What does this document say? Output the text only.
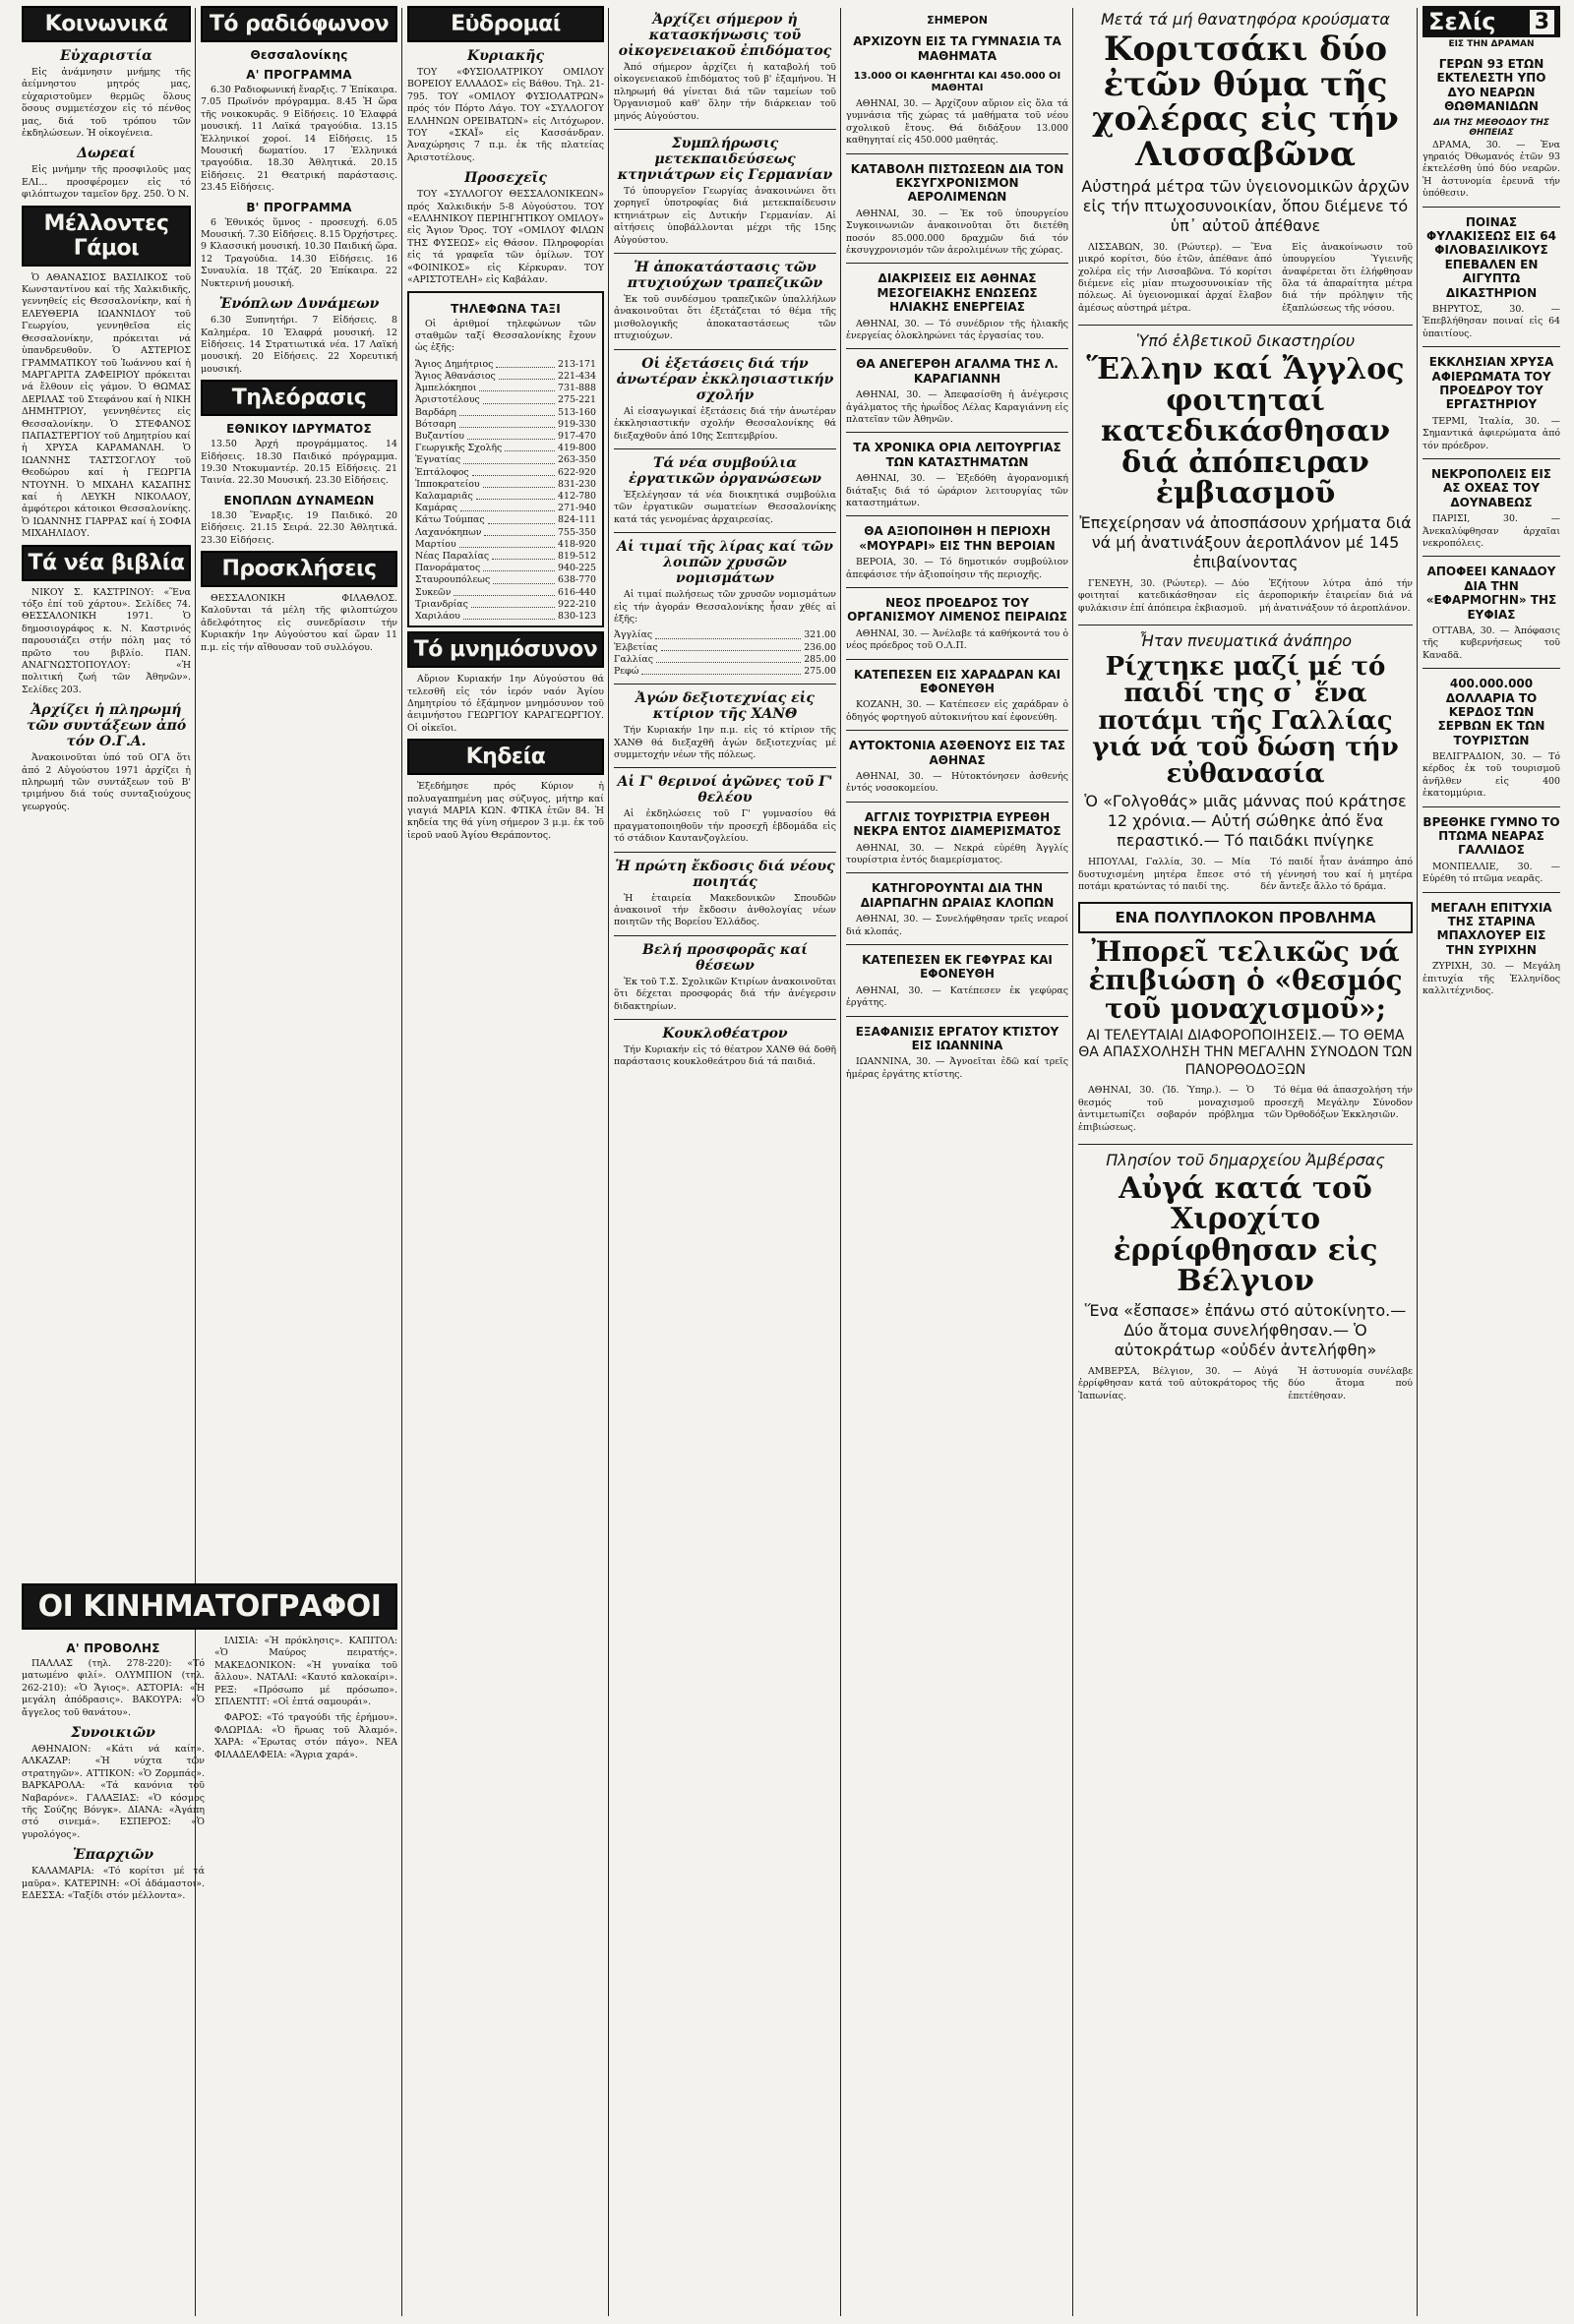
Κοινωνικά
Εὐχαριστία

Εἰς ἀνάμνησιν μνήμης τῆς ἀείμνηστου μητρός μας, εὐχαριστοῦμεν θερμῶς ὅλους ὅσους συμμετέσχον εἰς τό πένθος μας, διά τοῦ τρόπου τῶν ἐκδηλώσεων. Ἡ οἰκογένεια.

Δωρεαί

Εἰς μνήμην τῆς προσφιλοῦς μας ΕΛΙ... προσφέρομεν εἰς τό φιλόπτωχον ταμεῖον δρχ. 250. Ὁ Ν.

Μέλλοντες Γάμοι

Ὁ ΑΘΑΝΑΣΙΟΣ ΒΑΣΙΛΙΚΟΣ τοῦ Κωνσταντίνου καί τῆς Χαλκιδικῆς, γεννηθείς εἰς Θεσσαλονίκην, καί ἡ ΕΛΕΥΘΕΡΙΑ ΙΩΑΝΝΙΔΟΥ τοῦ Γεωργίου, γεννηθεῖσα εἰς Θεσσαλονίκην, πρόκειται νά ὑπανδρευθοῦν. Ὁ ΑΣΤΕΡΙΟΣ ΓΡΑΜΜΑΤΙΚΟΥ τοῦ Ἰωάννου καί ἡ ΜΑΡΓΑΡΙΤΑ ΖΑΦΕΙΡΙΟΥ πρόκειται νά ἔλθουν εἰς γάμον. Ὁ ΘΩΜΑΣ ΔΕΡΙΛΑΣ τοῦ Στεφάνου καί ἡ ΝΙΚΗ ΔΗΜΗΤΡΙΟΥ, γεννηθέντες εἰς Θεσσαλονίκην. Ὁ ΣΤΕΦΑΝΟΣ ΠΑΠΑΣΤΕΡΓΙΟΥ τοῦ Δημητρίου καί ἡ ΧΡΥΣΑ ΚΑΡΑΜΑΝΛΗ. Ὁ ΙΩΑΝΝΗΣ ΤΑΣΤΣΟΓΛΟΥ τοῦ Θεοδώρου καί ἡ ΓΕΩΡΓΙΑ ΝΤΟΥΝΗ. Ὁ ΜΙΧΑΗΛ ΚΑΣΑΠΗΣ καί ἡ ΛΕΥΚΗ ΝΙΚΟΛΑΟΥ, ἀμφότεροι κάτοικοι Θεσσαλονίκης. Ὁ ΙΩΑΝΝΗΣ ΓΙΑΡΡΑΣ καί ἡ ΣΟΦΙΑ ΜΙΧΑΗΛΙΔΟΥ.

Τά νέα βιβλία

ΝΙΚΟΥ Σ. ΚΑΣΤΡΙΝΟΥ: «Ἕνα τόξο ἐπί τοῦ χάρτου». Σελίδες 74. ΘΕΣΣΑΛΟΝΙΚΗ 1971. Ὁ δημοσιογράφος κ. Ν. Καστρινός παρουσιάζει στήν πόλη μας τό πρῶτο του βιβλίο. ΠΑΝ. ΑΝΑΓΝΩΣΤΟΠΟΥΛΟΥ: «Ἡ πολιτική ζωή τῶν Ἀθηνῶν». Σελίδες 203.

Ἀρχίζει ἡ πληρωμή τῶν συντάξεων ἀπό τόν Ο.Γ.Α.

Ἀνακοινοῦται ὑπό τοῦ ΟΓΑ ὅτι ἀπό 2 Αὐγούστου 1971 ἀρχίζει ἡ πληρωμή τῶν συντάξεων τοῦ Β' τριμήνου διά τούς συνταξιούχους γεωργούς.

Τό ραδιόφωνον
Θεσσαλονίκης
Α' ΠΡΟΓΡΑΜΜΑ

6.30 Ραδιοφωνική ἔναρξις. 7 Ἐπίκαιρα. 7.05 Πρωϊνόν πρόγραμμα. 8.45 Ἡ ὥρα τῆς νοικοκυρᾶς. 9 Εἰδήσεις. 10 Ἐλαφρά μουσική. 11 Λαϊκά τραγούδια. 13.15 Ἑλληνικοί χοροί. 14 Εἰδήσεις. 15 Μουσική δωματίου. 17 Ἐλληνικά τραγούδια. 18.30 Ἀθλητικά. 20.15 Εἰδήσεις. 21 Θεατρική παράστασις. 23.45 Εἰδήσεις.

Β' ΠΡΟΓΡΑΜΜΑ

6 Ἐθνικός ὕμνος - προσευχή. 6.05 Μουσική. 7.30 Εἰδήσεις. 8.15 Ὀρχήστρες. 9 Κλασσική μουσική. 10.30 Παιδική ὥρα. 12 Τραγούδια. 14.30 Εἰδήσεις. 16 Συναυλία. 18 Τζάζ. 20 Ἐπίκαιρα. 22 Νυκτερινή μουσική.

Ἐνόπλων Δυνάμεων

6.30 Ξυπνητήρι. 7 Εἰδήσεις. 8 Καλημέρα. 10 Ἐλαφρά μουσική. 12 Εἰδήσεις. 14 Στρατιωτικά νέα. 17 Λαϊκή μουσική. 20 Εἰδήσεις. 22 Χορευτική μουσική.

Τηλεόρασις
ΕΘΝΙΚΟΥ ΙΔΡΥΜΑΤΟΣ

13.50 Ἀρχή προγράμματος. 14 Εἰδήσεις. 18.30 Παιδικό πρόγραμμα. 19.30 Ντοκυμαντέρ. 20.15 Εἰδήσεις. 21 Ταινία. 22.30 Μουσική. 23.30 Εἰδήσεις.

ΕΝΟΠΛΩΝ ΔΥΝΑΜΕΩΝ

18.30 Ἔναρξις. 19 Παιδικό. 20 Εἰδήσεις. 21.15 Σειρά. 22.30 Ἀθλητικά. 23.30 Εἰδήσεις.

Προσκλήσεις

ΘΕΣΣΑΛΟΝΙΚΗ ΦΙΛΑΘΛΟΣ. Καλοῦνται τά μέλη τῆς φιλοπτώχου ἀδελφότητος εἰς συνεδρίασιν τήν Κυριακήν 1ην Αὐγούστου καί ὥραν 11 π.μ. εἰς τήν αἴθουσαν τοῦ συλλόγου.

Εὐδρομαί
Κυριακῆς

ΤΟΥ «ΦΥΣΙΟΛΑΤΡΙΚΟΥ ΟΜΙΛΟΥ ΒΟΡΕΙΟΥ ΕΛΛΑΔΟΣ» εἰς Βάθου. Τηλ. 21-795. ΤΟΥ «ΟΜΙΛΟΥ ΦΥΣΙΟΛΑΤΡΩΝ» πρός τόν Πόρτο Λάγο. ΤΟΥ «ΣΥΛΛΟΓΟΥ ΕΛΛΗΝΩΝ ΟΡΕΙΒΑΤΩΝ» εἰς Λιτόχωρον. ΤΟΥ «ΣΚΑΪ» εἰς Κασσάνδραν. Ἀναχώρησις 7 π.μ. ἐκ τῆς πλατείας Ἀριστοτέλους.

Προσεχεῖς

ΤΟΥ «ΣΥΛΛΟΓΟΥ ΘΕΣΣΑΛΟΝΙΚΕΩΝ» πρός Χαλκιδικήν 5-8 Αὐγούστου. ΤΟΥ «ΕΛΛΗΝΙΚΟΥ ΠΕΡΙΗΓΗΤΙΚΟΥ ΟΜΙΛΟΥ» εἰς Ἄγιον Ὄρος. ΤΟΥ «ΟΜΙΛΟΥ ΦΙΛΩΝ ΤΗΣ ΦΥΣΕΩΣ» εἰς Θάσον. Πληροφορίαι εἰς τά γραφεῖα τῶν ὀμίλων. ΤΟΥ «ΦΟΙΝΙΚΟΣ» εἰς Κέρκυραν. ΤΟΥ «ΑΡΙΣΤΟΤΕΛΗ» εἰς Καβάλαν.

ΤΗΛΕΦΩΝΑ ΤΑΞΙ

Οἱ ἀριθμοί τηλεφώνων τῶν σταθμῶν ταξί Θεσσαλονίκης ἔχουν ὡς ἑξῆς:

Ἄγιος Δημήτριος	213-171
Ἄγιος Ἀθανάσιος	221-434
Ἀμπελόκηποι	731-888
Ἀριστοτέλους	275-221
Βαρδάρη	513-160
Βότσαρη	919-330
Βυζαντίου	917-470
Γεωργικῆς Σχολῆς	419-800
Ἐγνατίας	263-350
Ἑπτάλοφος	622-920
Ἰπποκρατείου	831-230
Καλαμαριᾶς	412-780
Καμάρας	271-940
Κάτω Τούμπας	824-111
Λαχανόκηπων	755-350
Μαρτίου	418-920
Νέας Παραλίας	819-512
Πανοράματος	940-225
Σταυρουπόλεως	638-770
Συκεῶν	616-440
Τριανδρίας	922-210
Χαριλάου	830-123
Τό μνημόσυνον

Αὔριον Κυριακήν 1ην Αὐγούστου θά τελεσθῆ εἰς τόν ἱερόν ναόν Ἁγίου Δημητρίου τό ἑξάμηνον μνημόσυνον τοῦ ἀειμνήστου ΓΕΩΡΓΙΟΥ ΚΑΡΑΓΕΩΡΓΙΟΥ. Οἱ οἰκεῖοι.

Κηδεία

Ἐξεδήμησε πρός Κύριον ἡ πολυαγαπημένη μας σύζυγος, μήτηρ καί γιαγιά ΜΑΡΙΑ ΚΩΝ. ΦΤΙΚΑ ἐτῶν 84. Ἡ κηδεία της θά γίνη σήμερον 3 μ.μ. ἐκ τοῦ ἱεροῦ ναοῦ Ἁγίου Θεράποντος.

ΟΙ ΚΙΝΗΜΑΤΟΓΡΑΦΟΙ
Α' ΠΡΟΒΟΛΗΣ

ΠΑΛΛΑΣ (τηλ. 278-220): «Τό ματωμένο φιλί». ΟΛΥΜΠΙΟΝ (τηλ. 262-210): «Ὁ Ἄγιος». ΑΣΤΟΡΙΑ: «Ἡ μεγάλη ἀπόδρασις». ΒΑΚΟΥΡΑ: «Ὁ ἄγγελος τοῦ θανάτου».

Συνοικιῶν

ΑΘΗΝΑΙΟΝ: «Κάτι νά καίη». ΑΛΚΑΖΑΡ: «Ἡ νύχτα τῶν στρατηγῶν». ΑΤΤΙΚΟΝ: «Ὁ Ζορμπάς». ΒΑΡΚΑΡΟΛΑ: «Τά κανόνια τοῦ Ναβαρόνε». ΓΑΛΑΞΙΑΣ: «Ὁ κόσμος τῆς Σούζης Βόνγκ». ΔΙΑΝΑ: «Ἀγάπη στό σινεμά». ΕΣΠΕΡΟΣ: «Ὁ γυρολόγος».

Ἐπαρχιῶν

ΚΑΛΑΜΑΡΙΑ: «Τό κορίτσι μέ τά μαῦρα». ΚΑΤΕΡΙΝΗ: «Οἱ ἀδάμαστοι». ΕΔΕΣΣΑ: «Ταξίδι στόν μέλλοντα».

ΙΛΙΣΙΑ: «Ἡ πρόκλησις». ΚΑΠΙΤΟΛ: «Ὁ Μαύρος πειρατής». ΜΑΚΕΔΟΝΙΚΟΝ: «Ἡ γυναίκα τοῦ ἄλλου». ΝΑΤΑΛΙ: «Καυτό καλοκαίρι». ΡΕΞ: «Πρόσωπο μέ πρόσωπο». ΣΠΛΕΝΤΙΤ: «Οἱ ἐπτά σαμουράι».

ΦΑΡΟΣ: «Τό τραγούδι τῆς ἐρήμου». ΦΛΩΡΙΔΑ: «Ὁ ἥρωας τοῦ Ἀλαμό». ΧΑΡΑ: «Ἔρωτας στόν πάγο». ΝΕΑ ΦΙΛΑΔΕΛΦΕΙΑ: «Ἄγρια χαρά».

Ἀρχίζει σήμερον ἡ κατασκήνωσις τοῦ οἰκογενειακοῦ ἐπιδόματος

Ἀπό σήμερον ἀρχίζει ἡ καταβολή τοῦ οἰκογενειακοῦ ἐπιδόματος τοῦ β' ἑξαμήνου. Ἡ πληρωμή θά γίνεται διά τῶν ταμείων τοῦ Ὀργανισμοῦ καθ' ὅλην τήν διάρκειαν τοῦ μηνός Αὐγούστου.

Συμπλήρωσις μετεκπαιδεύσεως κτηνιάτρων εἰς Γερμανίαν

Τό ὑπουργεῖον Γεωργίας ἀνακοινώνει ὅτι χορηγεῖ ὑποτροφίας διά μετεκπαίδευσιν κτηνιάτρων εἰς Δυτικήν Γερμανίαν. Αἱ αἰτήσεις ὑποβάλλονται μέχρι τῆς 15ης Αὐγούστου.

Ἡ ἀποκατάστασις τῶν πτυχιούχων τραπεζικῶν

Ἐκ τοῦ συνδέσμου τραπεζικῶν ὑπαλλήλων ἀνακοινοῦται ὅτι ἐξετάζεται τό θέμα τῆς μισθολογικῆς ἀποκαταστάσεως τῶν πτυχιούχων.

Οἱ ἐξετάσεις διά τήν ἀνωτέραν ἐκκλησιαστικήν σχολήν

Αἱ εἰσαγωγικαί ἐξετάσεις διά τήν ἀνωτέραν ἐκκλησιαστικήν σχολήν Θεσσαλονίκης θά διεξαχθοῦν ἀπό 10ης Σεπτεμβρίου.

Τά νέα συμβούλια ἐργατικῶν ὀργανώσεων

Ἐξελέγησαν τά νέα διοικητικά συμβούλια τῶν ἐργατικῶν σωματείων Θεσσαλονίκης κατά τάς γενομένας ἀρχαιρεσίας.

Αἱ τιμαί τῆς λίρας καί τῶν λοιπῶν χρυσῶν νομισμάτων

Αἱ τιμαί πωλήσεως τῶν χρυσῶν νομισμάτων εἰς τήν ἀγοράν Θεσσαλονίκης ἦσαν χθές αἱ ἑξῆς:

Ἀγγλίας	321.00
Ἐλβετίας	236.00
Γαλλίας	285.00
Ρεφώ	275.00
Ἀγών δεξιοτεχνίας εἰς κτίριον τῆς ΧΑΝΘ

Τήν Κυριακήν 1ην π.μ. εἰς τό κτίριον τῆς ΧΑΝΘ θά διεξαχθῆ ἀγών δεξιοτεχνίας μέ συμμετοχήν νέων τῆς πόλεως.

Αἱ Γ' θερινοί ἀγῶνες τοῦ Γ' θελέου

Αἱ ἐκδηλώσεις τοῦ Γ' γυμνασίου θά πραγματοποιηθοῦν τήν προσεχῆ ἑβδομάδα εἰς τό στάδιον Καυτανζογλείου.

Ἡ πρώτη ἔκδοσις διά νέους ποιητάς

Ἡ ἑταιρεία Μακεδονικῶν Σπουδῶν ἀνακοινοῖ τήν ἔκδοσιν ἀνθολογίας νέων ποιητῶν τῆς Βορείου Ἑλλάδος.

Βελή προσφορᾶς καί θέσεων

Ἐκ τοῦ Τ.Σ. Σχολικῶν Κτιρίων ἀνακοινοῦται ὅτι δέχεται προσφοράς διά τήν ἀνέγερσιν διδακτηρίων.

Κουκλοθέατρον

Τήν Κυριακήν εἰς τό θέατρον ΧΑΝΘ θά δοθῆ παράστασις κουκλοθεάτρου διά τά παιδιά.

ΣΗΜΕΡΟΝ
ΑΡΧΙΖΟΥΝ ΕΙΣ ΤΑ ΓΥΜΝΑΣΙΑ ΤΑ ΜΑΘΗΜΑΤΑ
13.000 ΟΙ ΚΑΘΗΓΗΤΑΙ ΚΑΙ 450.000 ΟΙ ΜΑΘΗΤΑΙ

ΑΘΗΝΑΙ, 30. — Ἀρχίζουν αὔριον εἰς ὅλα τά γυμνάσια τῆς χώρας τά μαθήματα τοῦ νέου σχολικοῦ ἔτους. Θά διδάξουν 13.000 καθηγηταί εἰς 450.000 μαθητάς.

ΚΑΤΑΒΟΛΗ ΠΙΣΤΩΣΕΩΝ ΔΙΑ ΤΟΝ ΕΚΣΥΓΧΡΟΝΙΣΜΟΝ ΑΕΡΟΛΙΜΕΝΩΝ

ΑΘΗΝΑΙ, 30. — Ἐκ τοῦ ὑπουργείου Συγκοινωνιῶν ἀνακοινοῦται ὅτι διετέθη ποσόν 85.000.000 δραχμῶν διά τόν ἐκσυγχρονισμόν τῶν ἀερολιμένων τῆς χώρας.

ΔΙΑΚΡΙΣΕΙΣ ΕΙΣ ΑΘΗΝΑΣ ΜΕΣΟΓΕΙΑΚΗΣ ΕΝΩΣΕΩΣ ΗΛΙΑΚΗΣ ΕΝΕΡΓΕΙΑΣ

ΑΘΗΝΑΙ, 30. — Τό συνέδριον τῆς ἡλιακῆς ἐνεργείας ὁλοκληρώνει τάς ἐργασίας του.

ΘΑ ΑΝΕΓΕΡΘΗ ΑΓΑΛΜΑ ΤΗΣ Λ. ΚΑΡΑΓΙΑΝΝΗ

ΑΘΗΝΑΙ, 30. — Ἀπεφασίσθη ἡ ἀνέγερσις ἀγάλματος τῆς ἡρωΐδος Λέλας Καραγιάννη εἰς πλατεῖαν τῶν Ἀθηνῶν.

ΤΑ ΧΡΟΝΙΚΑ ΟΡΙΑ ΛΕΙΤΟΥΡΓΙΑΣ ΤΩΝ ΚΑΤΑΣΤΗΜΑΤΩΝ

ΑΘΗΝΑΙ, 30. — Ἐξεδόθη ἀγορανομική διάταξις διά τό ὡράριον λειτουργίας τῶν καταστημάτων.

ΘΑ ΑΞΙΟΠΟΙΗΘΗ Η ΠΕΡΙΟΧΗ «ΜΟΥΡΑΡΙ» ΕΙΣ ΤΗΝ ΒΕΡΟΙΑΝ

ΒΕΡΟΙΑ, 30. — Τό δημοτικόν συμβούλιον ἀπεφάσισε τήν ἀξιοποίησιν τῆς περιοχῆς.

ΝΕΟΣ ΠΡΟΕΔΡΟΣ ΤΟΥ ΟΡΓΑΝΙΣΜΟΥ ΛΙΜΕΝΟΣ ΠΕΙΡΑΙΩΣ

ΑΘΗΝΑΙ, 30. — Ἀνέλαβε τά καθήκοντά του ὁ νέος πρόεδρος τοῦ Ο.Λ.Π.

ΚΑΤΕΠΕΣΕΝ ΕΙΣ ΧΑΡΑΔΡΑΝ ΚΑΙ ΕΦΟΝΕΥΘΗ

ΚΟΖΑΝΗ, 30. — Κατέπεσεν εἰς χαράδραν ὁ ὁδηγός φορτηγοῦ αὐτοκινήτου καί ἐφονεύθη.

ΑΥΤΟΚΤΟΝΙΑ ΑΣΘΕΝΟΥΣ ΕΙΣ ΤΑΣ ΑΘΗΝΑΣ

ΑΘΗΝΑΙ, 30. — Ηὐτοκτόνησεν ἀσθενής ἐντός νοσοκομείου.

ΑΓΓΛΙΣ ΤΟΥΡΙΣΤΡΙΑ ΕΥΡΕΘΗ ΝΕΚΡΑ ΕΝΤΟΣ ΔΙΑΜΕΡΙΣΜΑΤΟΣ

ΑΘΗΝΑΙ, 30. — Νεκρά εὑρέθη Ἀγγλίς τουρίστρια ἐντός διαμερίσματος.

ΚΑΤΗΓΟΡΟΥΝΤΑΙ ΔΙΑ ΤΗΝ ΔΙΑΡΠΑΓΗΝ ΩΡΑΙΑΣ ΚΛΟΠΩΝ

ΑΘΗΝΑΙ, 30. — Συνελήφθησαν τρεῖς νεαροί διά κλοπάς.

ΚΑΤΕΠΕΣΕΝ ΕΚ ΓΕΦΥΡΑΣ ΚΑΙ ΕΦΟΝΕΥΘΗ

ΑΘΗΝΑΙ, 30. — Κατέπεσεν ἐκ γεφύρας ἐργάτης.

ΕΞΑΦΑΝΙΣΙΣ ΕΡΓΑΤΟΥ ΚΤΙΣΤΟΥ ΕΙΣ ΙΩΑΝΝΙΝΑ

ΙΩΑΝΝΙΝΑ, 30. — Ἀγνοεῖται ἐδῶ καί τρεῖς ἡμέρας ἐργάτης κτίστης.

Μετά τά μή θανατηφόρα κρούσματα
Κοριτσάκι δύο ἐτῶν θύμα τῆς χολέρας εἰς τήν Λισσαβῶνα
Αὐστηρά μέτρα τῶν ὑγειονομικῶν ἀρχῶν εἰς τήν πτωχοσυνοικίαν, ὅπου διέμενε τό ὑπ᾽ αὐτοῦ ἀπέθανε

ΛΙΣΣΑΒΩΝ, 30. (Ρώυτερ). — Ἕνα μικρό κορίτσι, δύο ἐτῶν, ἀπέθανε ἀπό χολέρα εἰς τήν Λισσαβῶνα. Τό κορίτσι διέμενε εἰς μίαν πτωχοσυνοικίαν τῆς πόλεως. Αἱ ὑγειονομικαί ἀρχαί ἔλαβον ἀμέσως αὐστηρά μέτρα.

Εἰς ἀνακοίνωσιν τοῦ ὑπουργείου Ὑγιεινῆς ἀναφέρεται ὅτι ἐλήφθησαν ὅλα τά ἀπαραίτητα μέτρα διά τήν πρόληψιν τῆς ἐξαπλώσεως τῆς νόσου.

Ὑπό ἑλβετικοῦ δικαστηρίου
Ἕλλην καί Ἄγγλος φοιτηταί κατεδικάσθησαν διά ἀπόπειραν ἐμβιασμοῦ
Ἐπεχείρησαν νά ἀποσπάσουν χρήματα διά νά μή ἀνατινάξουν ἀεροπλάνον μέ 145 ἐπιβαίνοντας

ΓΕΝΕΥΗ, 30. (Ρώυτερ). — Δύο φοιτηταί κατεδικάσθησαν εἰς φυλάκισιν ἐπί ἀπόπειρα ἐκβιασμοῦ.

Ἐζήτουν λύτρα ἀπό τήν ἀεροπορικήν ἑταιρείαν διά νά μή ἀνατινάξουν τό ἀεροπλάνον.

Ἦταν πνευματικά ἀνάπηρο
Ρίχτηκε μαζί μέ τό παιδί της σ᾽ ἕνα ποτάμι τῆς Γαλλίας γιά νά τοῦ δώση τήν εὐθανασία
Ὁ «Γολγοθάς» μιᾶς μάννας πού κράτησε 12 χρόνια.— Αὐτή σώθηκε ἀπό ἕνα περαστικό.— Τό παιδάκι πνίγηκε

ΗΠΟΥΛΑΙ, Γαλλία, 30. — Μία δυστυχισμένη μητέρα ἔπεσε στό ποτάμι κρατώντας τό παιδί της.

Τό παιδί ἦταν ἀνάπηρο ἀπό τή γέννησή του καί ἡ μητέρα δέν ἄντεξε ἄλλο τό δράμα.

ΕΝΑ ΠΟΛΥΠΛΟΚΟΝ ΠΡΟΒΛΗΜΑ
Ἠπορεῖ τελικῶς νά ἐπιβιώση ὁ «θεσμός τοῦ μοναχισμοῦ»;
ΑΙ ΤΕΛΕΥΤΑΙΑΙ ΔΙΑΦΟΡΟΠΟΙΗΣΕΙΣ.— ΤΟ ΘΕΜΑ ΘΑ ΑΠΑΣΧΟΛΗΣΗ ΤΗΝ ΜΕΓΑΛΗΝ ΣΥΝΟΔΟΝ ΤΩΝ ΠΑΝΟΡΘΟΔΟΞΩΝ

ΑΘΗΝΑΙ, 30. (Ἰδ. Ὑπηρ.). — Ὁ θεσμός τοῦ μοναχισμοῦ ἀντιμετωπίζει σοβαρόν πρόβλημα ἐπιβιώσεως.

Τό θέμα θά ἀπασχολήση τήν προσεχῆ Μεγάλην Σύνοδον τῶν Ὀρθοδόξων Ἐκκλησιῶν.

Πλησίον τοῦ δημαρχείου Ἀμβέρσας
Αὐγά κατά τοῦ Χιροχίτο ἐρρίφθησαν εἰς Βέλγιον
Ἕνα «ἔσπασε» ἐπάνω στό αὐτοκίνητο.— Δύο ἄτομα συνελήφθησαν.— Ὁ αὐτοκράτωρ «οὐδέν ἀντελήφθη»

ΑΜΒΕΡΣΑ, Βέλγιον, 30. — Αὐγά ἐρρίφθησαν κατά τοῦ αὐτοκράτορος τῆς Ἰαπωνίας.

Ἡ ἀστυνομία συνέλαβε δύο ἄτομα πού ἐπετέθησαν.

Σελίς 3
ΕΙΣ ΤΗΝ ΔΡΑΜΑΝ
ΓΕΡΩΝ 93 ΕΤΩΝ ΕΚΤΕΛΕΣΤΗ ΥΠΟ ΔΥΟ ΝΕΑΡΩΝ ΘΩΘΜΑΝΙΔΩΝ
ΔΙΑ ΤΗΣ ΜΕΘΟΔΟΥ ΤΗΣ ΘΗΠΕΙΑΣ

ΔΡΑΜΑ, 30. — Ἐνα γηραιός Ὀθωμανός ἐτῶν 93 ἐκτελέσθη ὑπό δύο νεαρῶν. Ἡ ἀστυνομία ἐρευνᾶ τήν ὑπόθεσιν.

ΠΟΙΝΑΣ ΦΥΛΑΚΙΣΕΩΣ ΕΙΣ 64 ΦΙΛΟΒΑΣΙΛΙΚΟΥΣ ΕΠΕΒΑΛΕΝ ΕΝ ΑΙΓΥΠΤΩ ΔΙΚΑΣΤΗΡΙΟΝ

ΒΗΡΥΤΟΣ, 30. — Ἐπεβλήθησαν ποιναί εἰς 64 ὑπαιτίους.

ΕΚΚΛΗΣΙΑΝ ΧΡΥΣΑ ΑΦΙΕΡΩΜΑΤΑ ΤΟΥ ΠΡΟΕΔΡΟΥ ΤΟΥ ΕΡΓΑΣΤΗΡΙΟΥ

ΤΕΡΜΙ, Ἰταλία, 30. — Σημαντικά ἀφιερώματα ἀπό τόν πρόεδρον.

ΝΕΚΡΟΠΟΛΕΙΣ ΕΙΣ ΑΣ ΟΧΕΑΣ ΤΟΥ ΔΟΥΝΑΒΕΩΣ

ΠΑΡΙΣΙ, 30. — Ἀνεκαλύφθησαν ἀρχαῖαι νεκροπόλεις.

ΑΠΟΦΕΕΙ ΚΑΝΑΔΟΥ ΔΙΑ ΤΗΝ «ΕΦΑΡΜΟΓΗΝ» ΤΗΣ ΕΥΦΙΑΣ

ΟΤΤΑΒΑ, 30. — Ἀπόφασις τῆς κυβερνήσεως τοῦ Καναδᾶ.

400.000.000 ΔΟΛΛΑΡΙΑ ΤΟ ΚΕΡΔΟΣ ΤΩΝ ΣΕΡΒΩΝ ΕΚ ΤΩΝ ΤΟΥΡΙΣΤΩΝ

ΒΕΛΙΓΡΑΔΙΟΝ, 30. — Τό κέρδος ἐκ τοῦ τουρισμοῦ ἀνῆλθεν εἰς 400 ἑκατομμύρια.

ΒΡΕΘΗΚΕ ΓΥΜΝΟ ΤΟ ΠΤΩΜΑ ΝΕΑΡΑΣ ΓΑΛΛΙΔΟΣ

ΜΟΝΠΕΛΛΙΕ, 30. — Εὑρέθη τό πτῶμα νεαρᾶς.

ΜΕΓΑΛΗ ΕΠΙΤΥΧΙΑ ΤΗΣ ΣΤΑΡΙΝΑ ΜΠΑΧΛΟΥΕΡ ΕΙΣ ΤΗΝ ΣΥΡΙΧΗΝ

ΖΥΡΙΧΗ, 30. — Μεγάλη ἐπιτυχία τῆς Ἑλληνίδος καλλιτέχνιδος.
